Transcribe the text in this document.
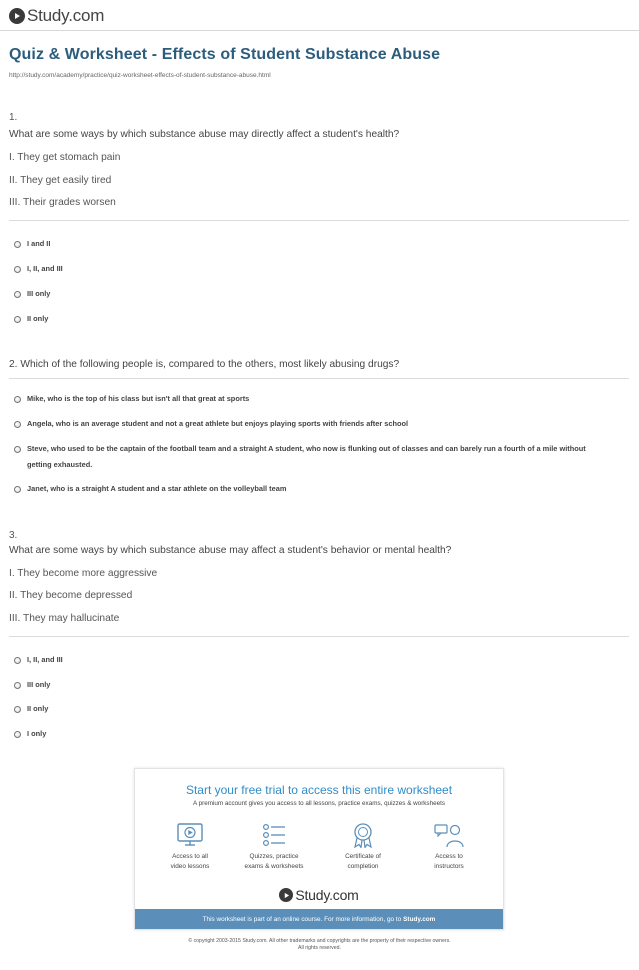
Study.com
Quiz & Worksheet - Effects of Student Substance Abuse
http://study.com/academy/practice/quiz-worksheet-effects-of-student-substance-abuse.html
1.
What are some ways by which substance abuse may directly affect a student's health?
I. They get stomach pain
II. They get easily tired
III. Their grades worsen
I and II
I, II, and III
III only
II only
2. Which of the following people is, compared to the others, most likely abusing drugs?
Mike, who is the top of his class but isn't all that great at sports
Angela, who is an average student and not a great athlete but enjoys playing sports with friends after school
Steve, who used to be the captain of the football team and a straight A student, who now is flunking out of classes and can barely run a fourth of a mile without getting exhausted.
Janet, who is a straight A student and a star athlete on the volleyball team
3.
What are some ways by which substance abuse may affect a student's behavior or mental health?
I. They become more aggressive
II. They become depressed
III. They may hallucinate
I, II, and III
III only
II only
I only
Start your free trial to access this entire worksheet
A premium account gives you access to all lessons, practice exams, quizzes & worksheets
Access to all
video lessons
Quizzes, practice
exams & worksheets
Certificate of
completion
Access to
instructors
Study.com
This worksheet is part of an online course. For more information, go to Study.com
© copyright 2003-2015 Study.com. All other trademarks and copyrights are the property of their respective owners.
All rights reserved.
